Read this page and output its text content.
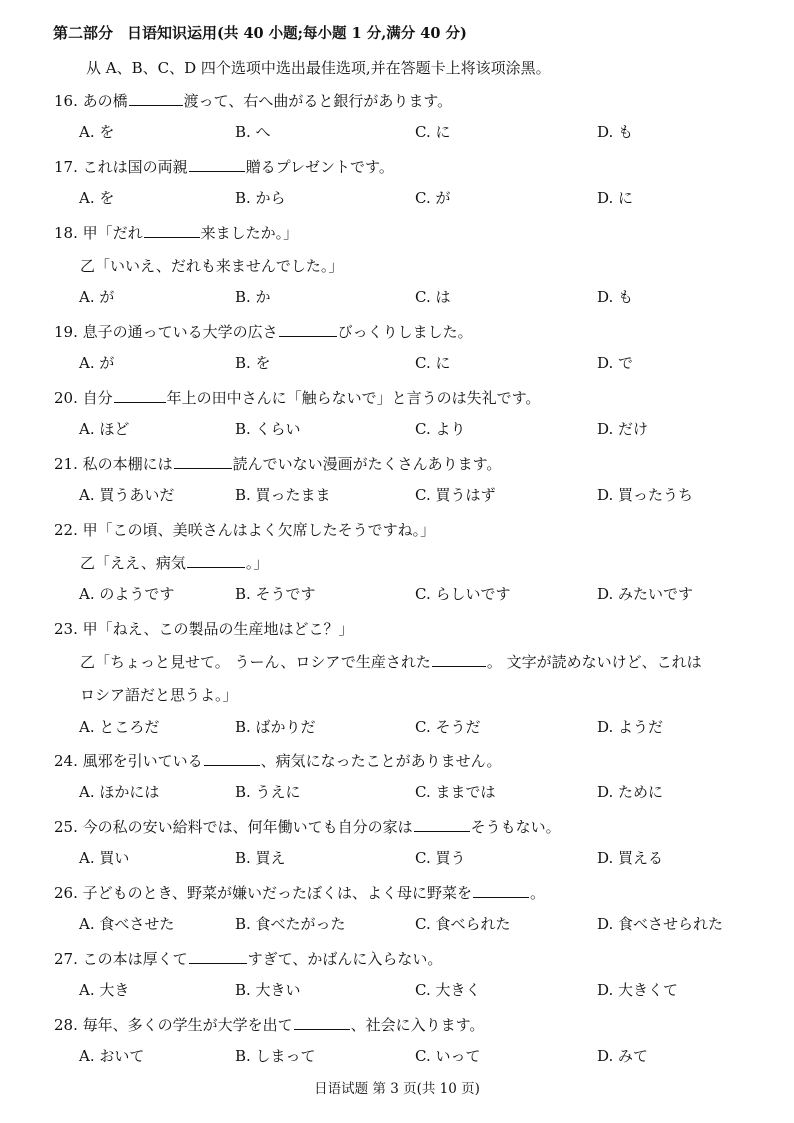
第二部分 日语知识运用(共 40 小题;每小题 1 分,满分 40 分)
从 A、B、C、D 四个选项中选出最佳选项,并在答题卡上将该项涂黑。
16. あの橋	渡って、右へ曲がると銀行があります。
A. を	B. へ	C. に	D. も
17. これは国の両親	贈るプレゼントです。
A. を	B. から	C. が	D. に
18. 甲「だれ	来ましたか。」
乙「いいえ、だれも来ませんでした。」
A. が	B. か	C. は	D. も
19. 息子の通っている大学の広さ	びっくりしました。
A. が	B. を	C. に	D. で
20. 自分	年上の田中さんに「触らないで」と言うのは失礼です。
A. ほど	B. くらい	C. より	D. だけ
21. 私の本棚には	読んでいない漫画がたくさんあります。
A. 買うあいだ	B. 買ったまま	C. 買うはず	D. 買ったうち
22. 甲「この頃、美咲さんはよく欠席したそうですね。」
乙「ええ、病気	。」
A. のようです	B. そうです	C. らしいです	D. みたいです
23. 甲「ねえ、この製品の生産地はどこ？」
乙「ちょっと見せて。 うーん、ロシアで生産された	。 文字が読めないけど、これは
ロシア語だと思うよ。」
A. ところだ	B. ばかりだ	C. そうだ	D. ようだ
24. 風邪を引いている	、病気になったことがありません。
A. ほかには	B. うえに	C. ままでは	D. ために
25. 今の私の安い給料では、何年働いても自分の家は	そうもない。
A. 買い	B. 買え	C. 買う	D. 買える
26. 子どものとき、野菜が嫌いだったぼくは、よく母に野菜を	。
A. 食べさせた	B. 食べたがった	C. 食べられた	D. 食べさせられた
27. この本は厚くて	すぎて、かばんに入らない。
A. 大き	B. 大きい	C. 大きく	D. 大きくて
28. 毎年、多くの学生が大学を出て	、社会に入ります。
A. おいて	B. しまって	C. いって	D. みて
日语试题 第 3 页(共 10 页)
